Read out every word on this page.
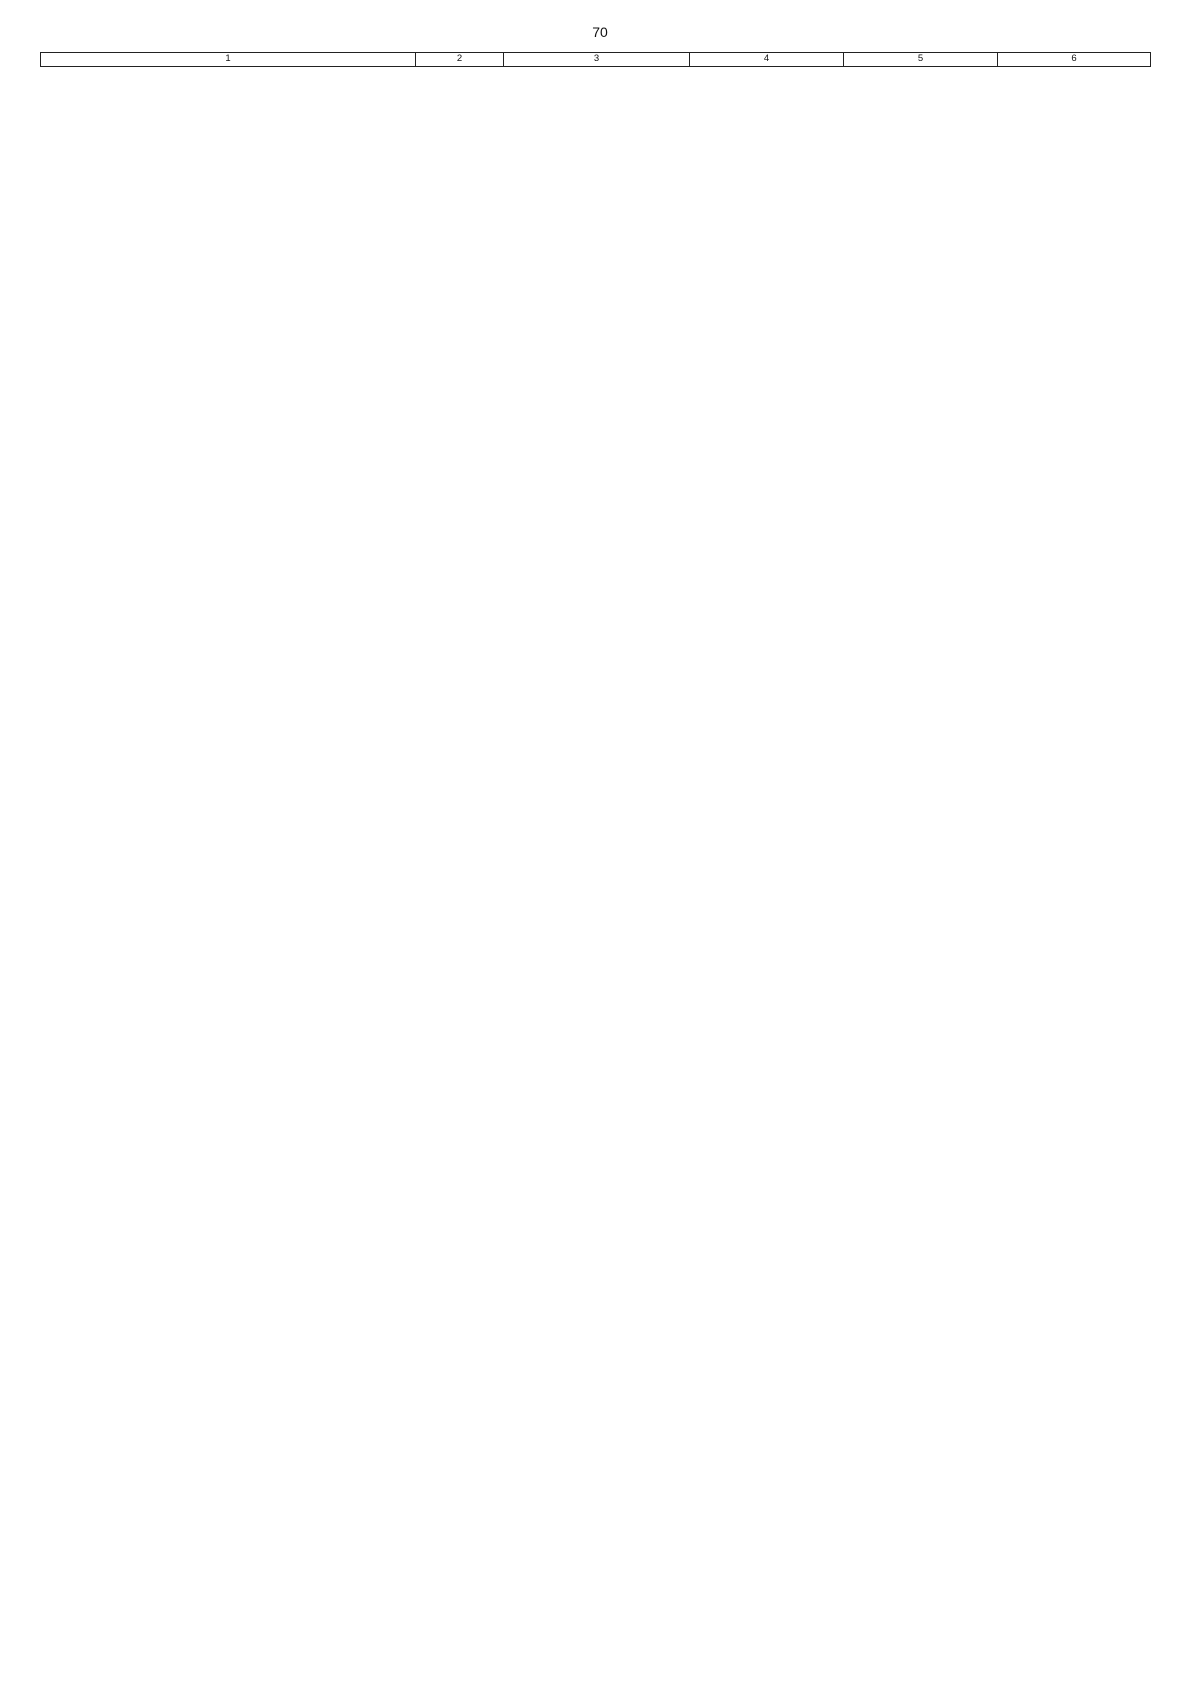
70
1	2	3	4	5	6
